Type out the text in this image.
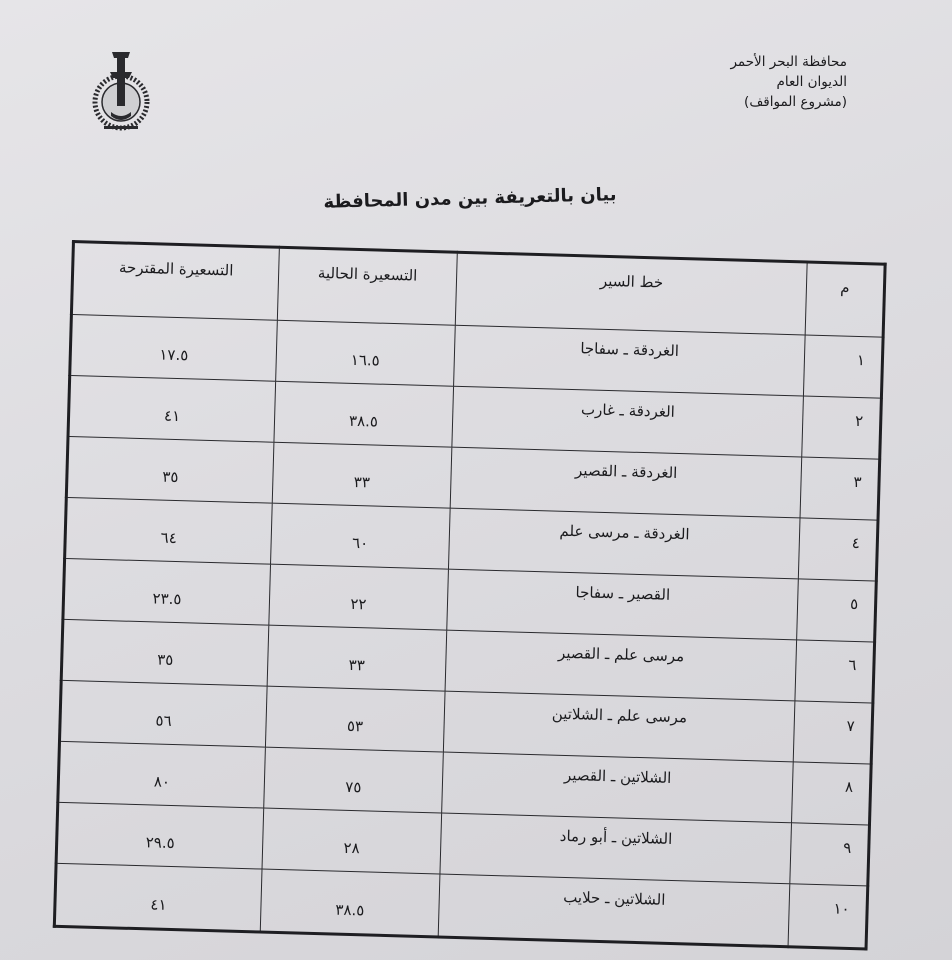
محافظة البحر الأحمر
الديوان العام
(مشروع المواقف)
بيان بالتعريفة بين مدن المحافظة
م	خط السير	التسعيرة الحالية	التسعيرة المقترحة
١	الغردقة ـ سفاجا	١٦.٥	١٧.٥
٢	الغردقة ـ غارب	٣٨.٥	٤١
٣	الغردقة ـ القصير	٣٣	٣٥
٤	الغردقة ـ مرسى علم	٦٠	٦٤
٥	القصير ـ سفاجا	٢٢	٢٣.٥
٦	مرسى علم ـ القصير	٣٣	٣٥
٧	مرسى علم ـ الشلاتين	٥٣	٥٦
٨	الشلاتين ـ القصير	٧٥	٨٠
٩	الشلاتين ـ أبو رماد	٢٨	٢٩.٥
١٠	الشلاتين ـ حلايب	٣٨.٥	٤١
